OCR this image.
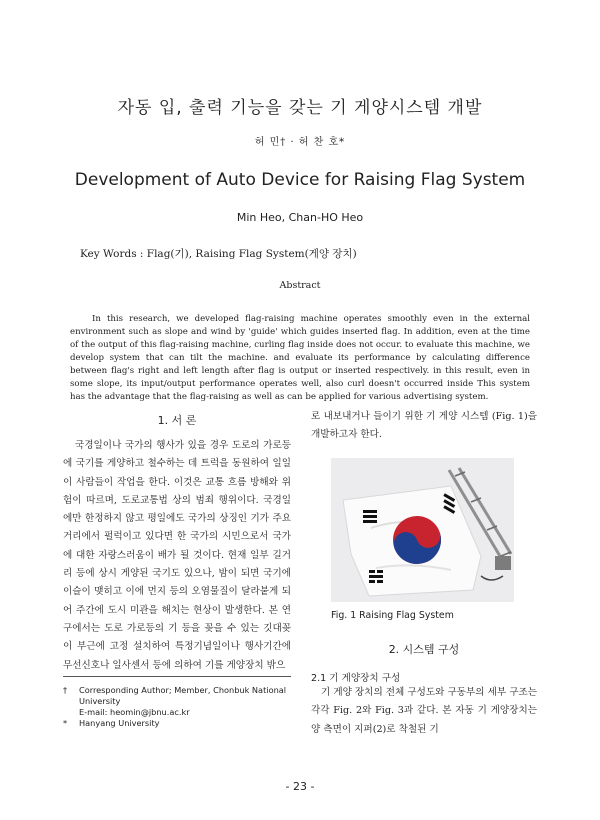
자동 입, 출력 기능을 갖는 기 게양시스템 개발
허 민† · 허 찬 호*
Development of Auto Device for Raising Flag System
Min Heo, Chan-HO Heo
Key Words : Flag(기), Raising Flag System(게양 장치)
Abstract

In this research, we developed flag-raising machine operates smoothly even in the external environment such as slope and wind by 'guide' which guides inserted flag. In addition, even at the time of the output of this flag-raising machine, curling flag inside does not occur. to evaluate this machine, we develop system that can tilt the machine. and evaluate its performance by calculating difference between flag's right and left length after flag is output or inserted respectively. in this result, even in some slope, its input/output performance operates well, also curl doesn't occurred inside This system has the advantage that the flag-raising as well as can be applied for various advertising system.

1. 서 론

국경일이나 국가의 행사가 있을 경우 도로의 가로등에 국기를 게양하고 철수하는 데 트럭을 동원하여 일일이 사람들이 작업을 한다. 이것은 교통 흐름 방해와 위험이 따르며, 도로교통법 상의 범죄 행위이다. 국경일에만 한정하지 않고 평일에도 국가의 상징인 기가 주요 거리에서 펄럭이고 있다면 한 국가의 시민으로서 국가에 대한 자랑스러움이 배가 될 것이다. 현재 일부 길거리 등에 상시 게양된 국기도 있으나, 밤이 되면 국기에 이슬이 맺히고 이에 먼지 등의 오염물질이 달라붙게 되어 주간에 도시 미관을 해치는 현상이 발생한다. 본 연구에서는 도로 가로등의 기 등을 꽂을 수 있는 깃대꽂이 부근에 고정 설치하여 특정기념일이나 행사기간에 무선신호나 일사센서 등에 의하여 기를 게양장치 밖으

†	Corresponding Author; Member, Chonbuk National University
E-mail: heomin@jbnu.ac.kr
*	Hanyang University

로 내보내거나 들이기 위한 기 게양 시스템 (Fig. 1)을 개발하고자 한다.

Fig. 1 Raising Flag System
2. 시스템 구성
2.1 기 게양장치 구성

기 게양 장치의 전체 구성도와 구동부의 세부 구조는 각각 Fig. 2와 Fig. 3과 같다. 본 자동 기 게양장치는 양 측면이 지퍼(2)로 착철된 기

- 23 -
